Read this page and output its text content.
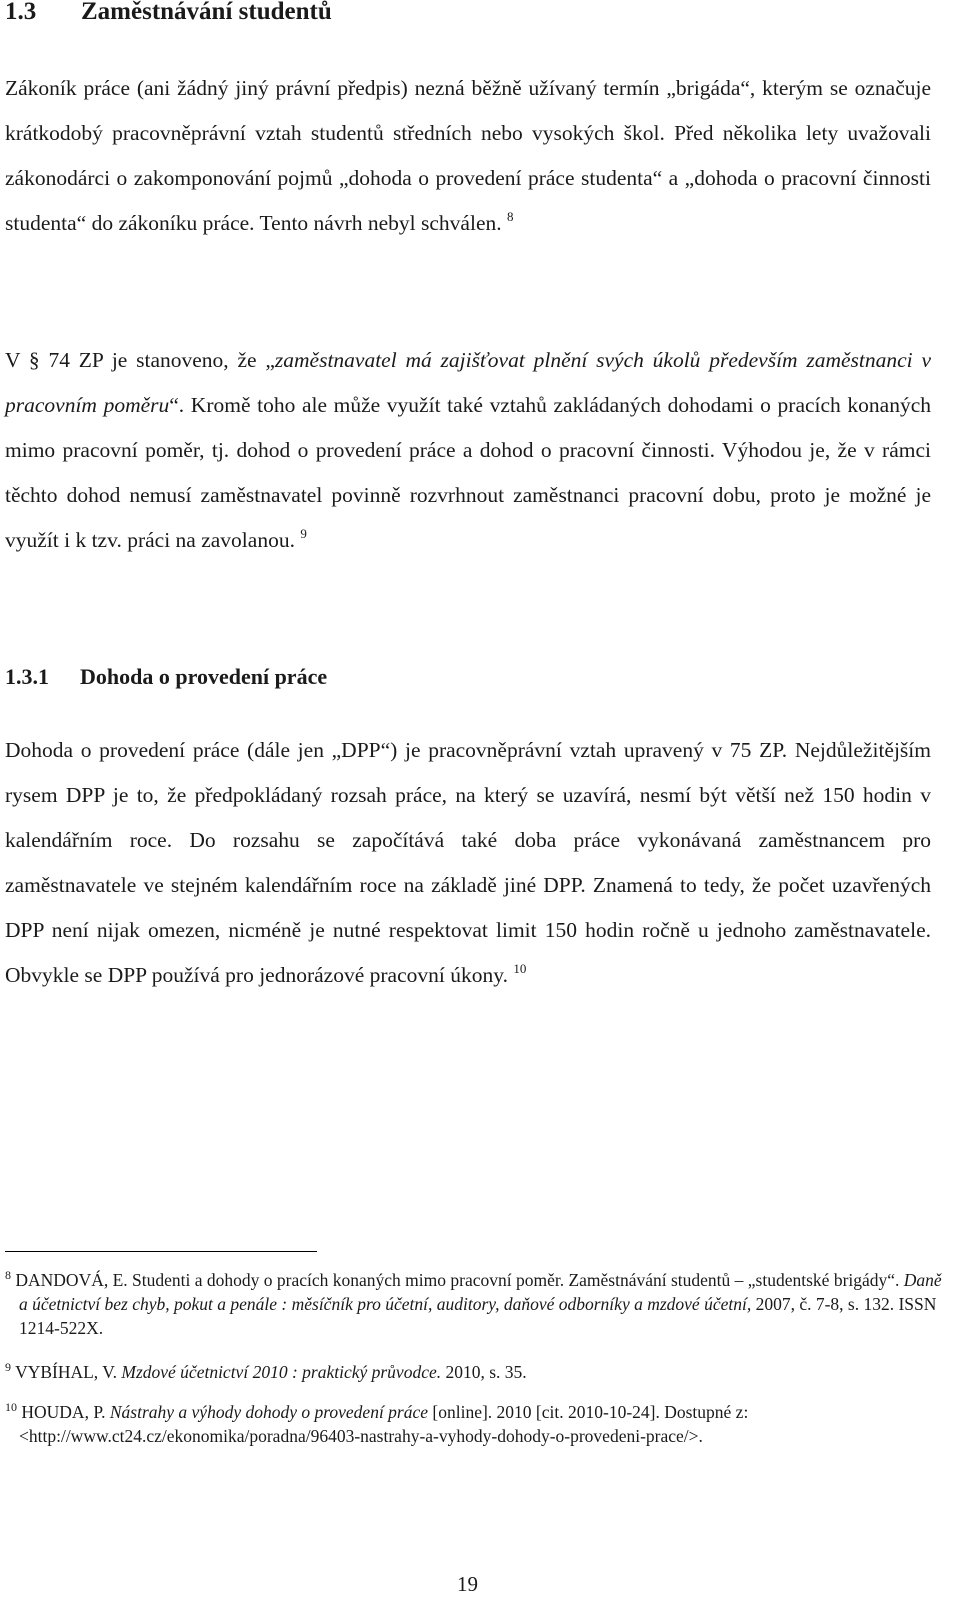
1.3 Zaměstnávání studentů

Zákoník práce (ani žádný jiný právní předpis) nezná běžně užívaný termín „brigáda“, kterým se označuje krátkodobý pracovněprávní vztah studentů středních nebo vysokých škol. Před několika lety uvažovali zákonodárci o zakomponování pojmů „dohoda o provedení práce studenta“ a „dohoda o pracovní činnosti studenta“ do zákoníku práce. Tento návrh nebyl schválen. $^8$

V § 74 ZP je stanoveno, že „zaměstnavatel má zajišťovat plnění svých úkolů především zaměstnanci v pracovním poměru“. Kromě toho ale může využít také vztahů zakládaných dohodami o pracích konaných mimo pracovní poměr, tj. dohod o provedení práce a dohod o pracovní činnosti. Výhodou je, že v rámci těchto dohod nemusí zaměstnavatel povinně rozvrhnout zaměstnanci pracovní dobu, proto je možné je využít i k tzv. práci na zavolanou. $^9$

1.3.1 Dohoda o provedení práce

Dohoda o provedení práce (dále jen „DPP“) je pracovněprávní vztah upravený v 75 ZP. Nejdůležitějším rysem DPP je to, že předpokládaný rozsah práce, na který se uzavírá, nesmí být větší než 150 hodin v kalendářním roce. Do rozsahu se započítává také doba práce vykonávaná zaměstnancem pro zaměstnavatele ve stejném kalendářním roce na základě jiné DPP. Znamená to tedy, že počet uzavřených DPP není nijak omezen, nicméně je nutné respektovat limit 150 hodin ročně u jednoho zaměstnavatele. Obvykle se DPP používá pro jednorázové pracovní úkony. $^{10}$

$^8$ DANDOVÁ, E. Studenti a dohody o pracích konaných mimo pracovní poměr. Zaměstnávání studentů – „studentské brigády“. Daně a účetnictví bez chyb, pokut a penále : měsíčník pro účetní, auditory, daňové odborníky a mzdové účetní, 2007, č. 7-8, s. 132. ISSN 1214-522X.

$^9$ VYBÍHAL, V. Mzdové účetnictví 2010 : praktický průvodce. 2010, s. 35.

$^{10}$ HOUDA, P. Nástrahy a výhody dohody o provedení práce [online]. 2010 [cit. 2010-10-24]. Dostupné z: <http://www.ct24.cz/ekonomika/poradna/96403-nastrahy-a-vyhody-dohody-o-provedeni-prace/>.

19
